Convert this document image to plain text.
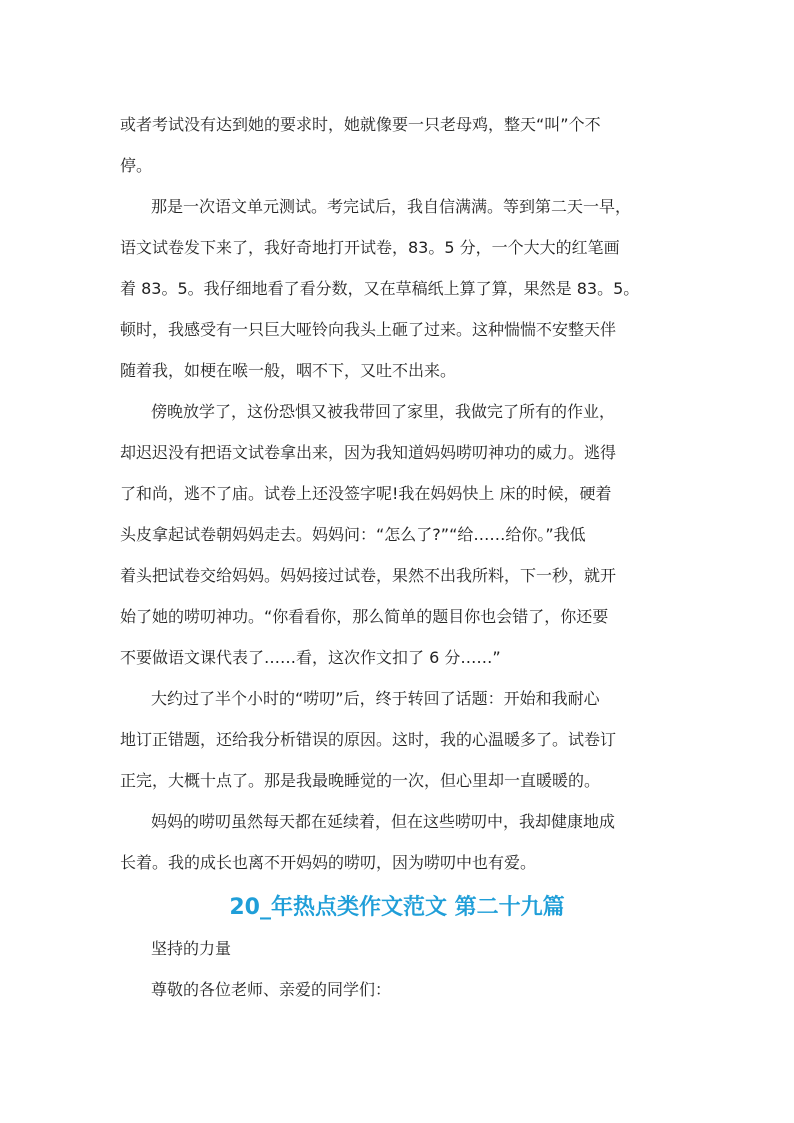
或者考试没有达到她的要求时，她就像要一只老母鸡，整天“叫”个不

停。

那是一次语文单元测试。考完试后，我自信满满。等到第二天一早，

语文试卷发下来了，我好奇地打开试卷，83。5 分，一个大大的红笔画

着 83。5。我仔细地看了看分数，又在草稿纸上算了算，果然是 83。5。

顿时，我感受有一只巨大哑铃向我头上砸了过来。这种惴惴不安整天伴

随着我，如梗在喉一般，咽不下，又吐不出来。

傍晚放学了，这份恐惧又被我带回了家里，我做完了所有的作业，

却迟迟没有把语文试卷拿出来，因为我知道妈妈唠叨神功的威力。逃得

了和尚，逃不了庙。试卷上还没签字呢!我在妈妈快上 床的时候，硬着

头皮拿起试卷朝妈妈走去。妈妈问：“怎么了?”“给……给你。”我低

着头把试卷交给妈妈。妈妈接过试卷，果然不出我所料，下一秒，就开

始了她的唠叨神功。“你看看你，那么简单的题目你也会错了，你还要

不要做语文课代表了……看，这次作文扣了 6 分……”

大约过了半个小时的“唠叨”后，终于转回了话题：开始和我耐心

地订正错题，还给我分析错误的原因。这时，我的心温暖多了。试卷订

正完，大概十点了。那是我最晚睡觉的一次，但心里却一直暖暖的。

妈妈的唠叨虽然每天都在延续着，但在这些唠叨中，我却健康地成

长着。我的成长也离不开妈妈的唠叨，因为唠叨中也有爱。

20_年热点类作文范文 第二十九篇

坚持的力量

尊敬的各位老师、亲爱的同学们：
